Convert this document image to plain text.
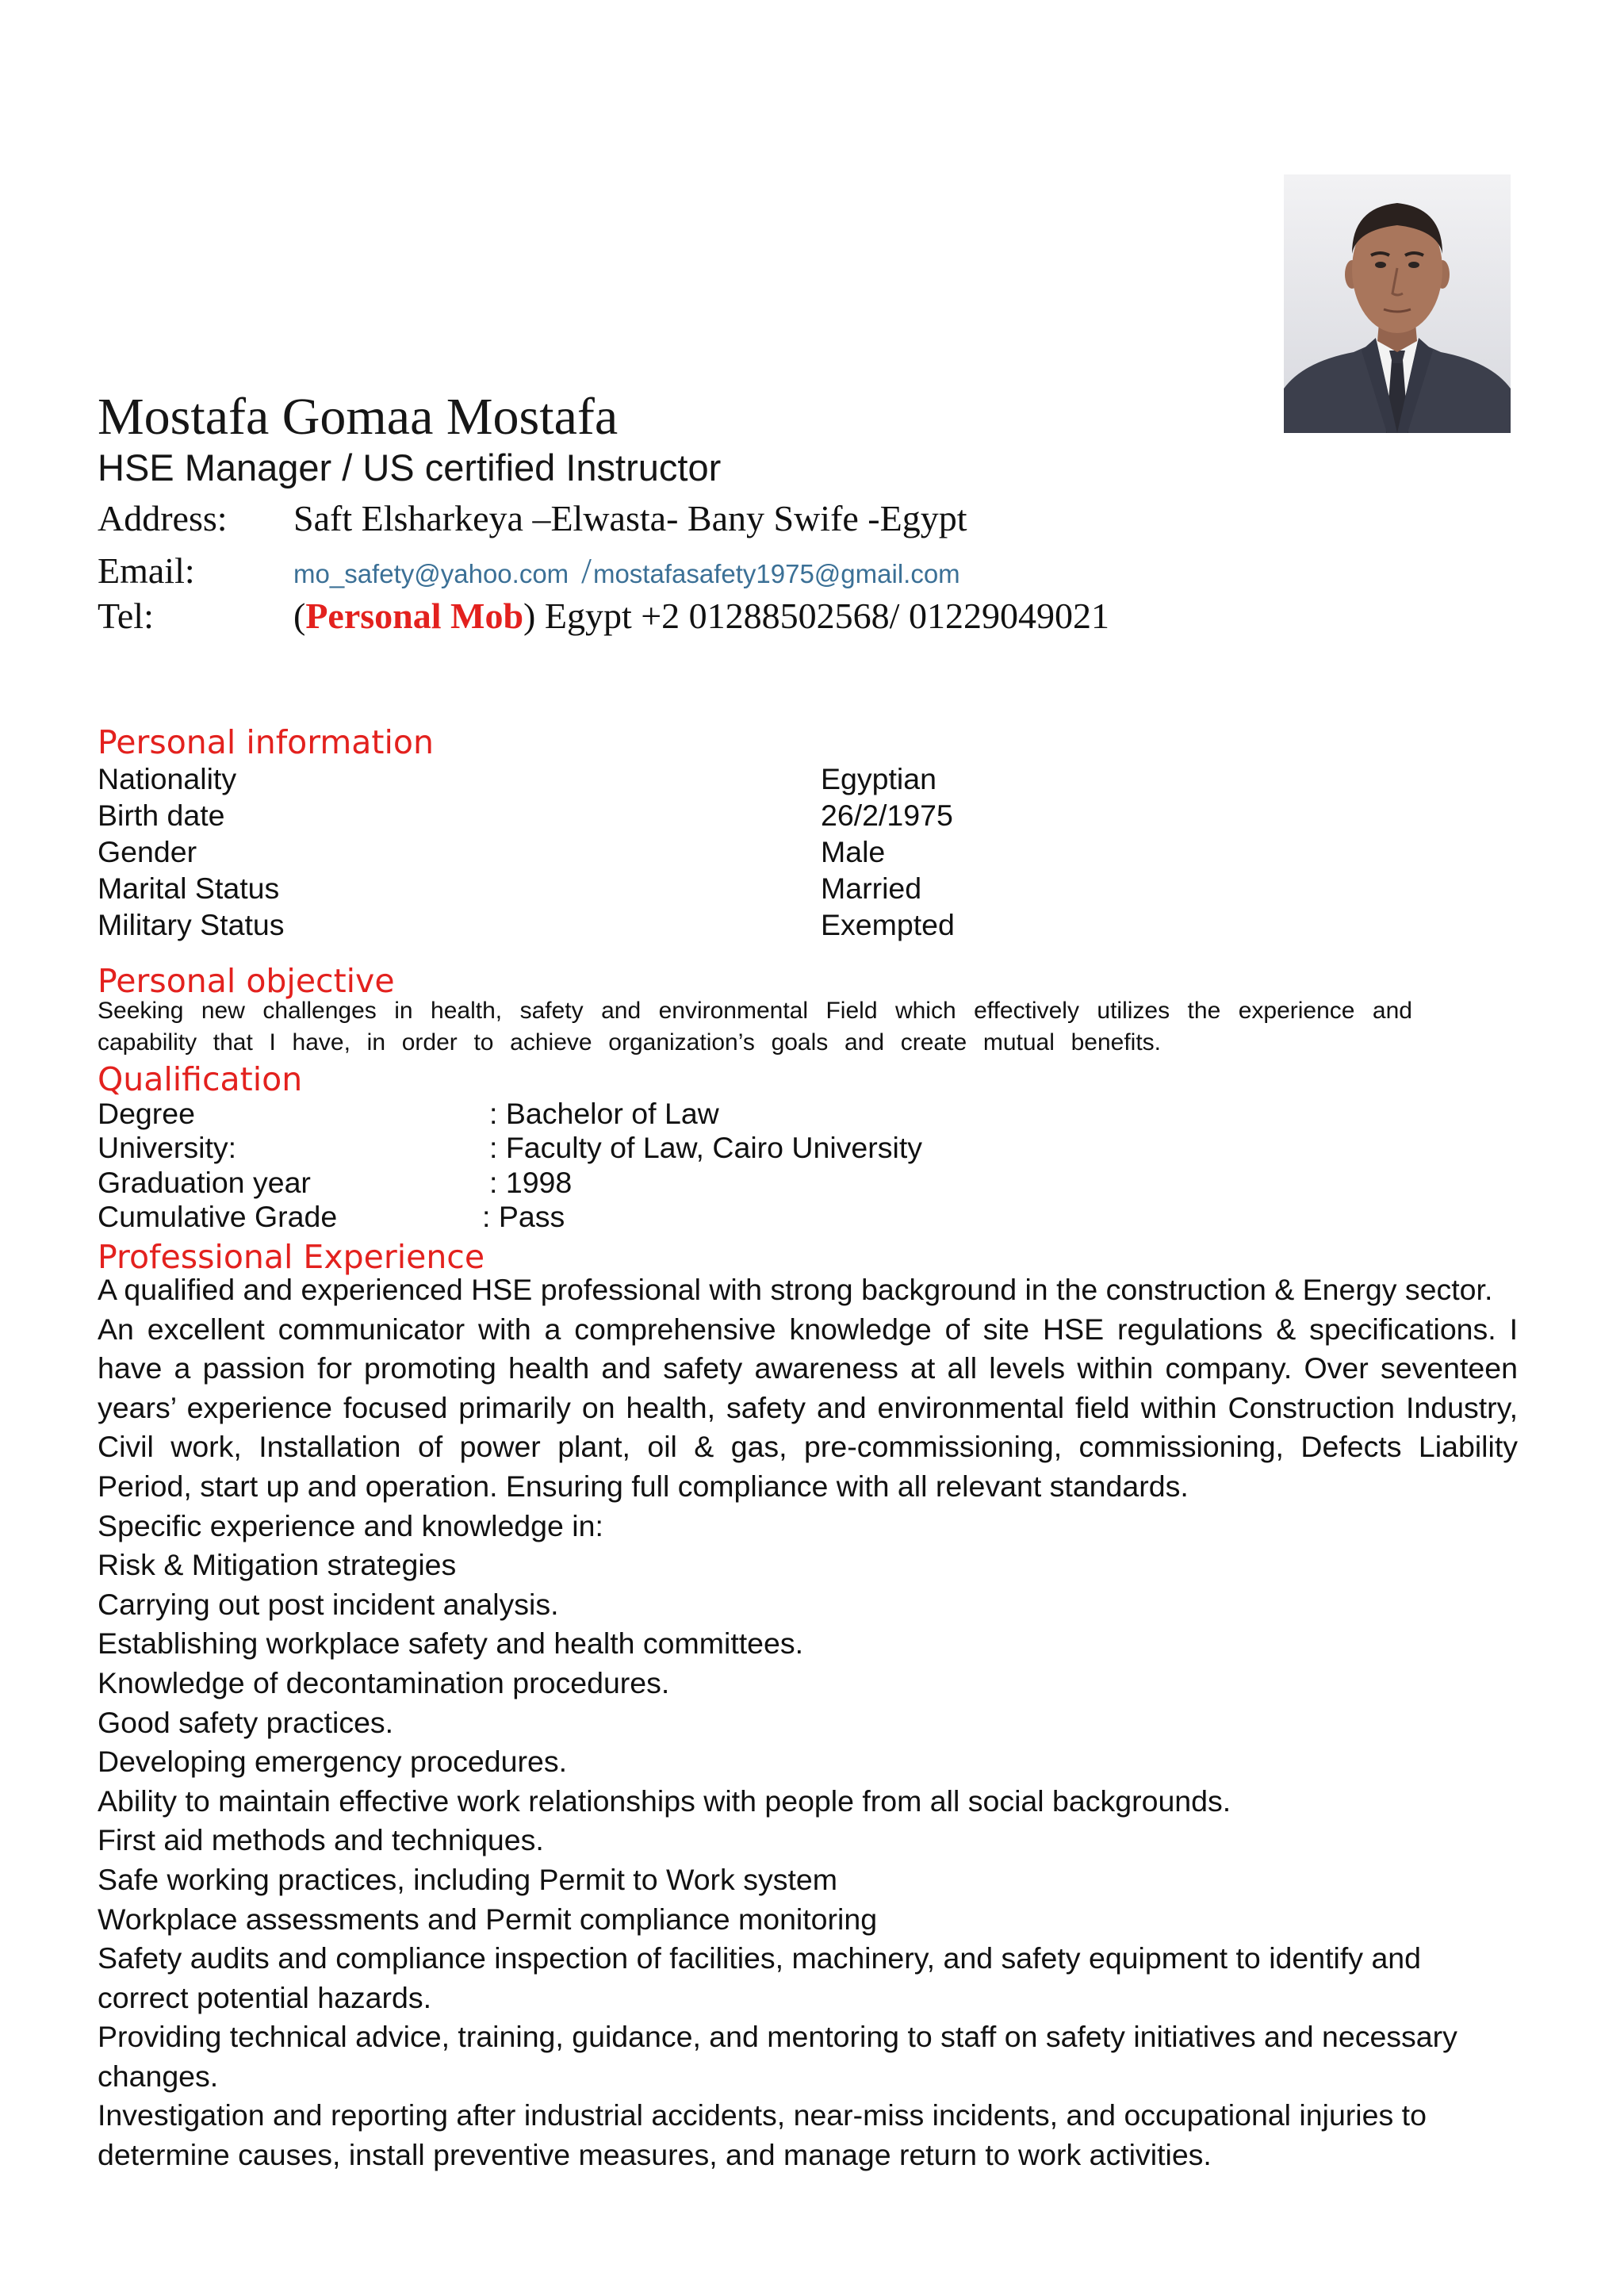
Mostafa Gomaa Mostafa
HSE Manager / US certified Instructor
Address: Saft Elsharkeya –Elwasta- Bany Swife -Egypt
Email:	mo_safety@yahoo.com /mostafasafety1975@gmail.com
Tel:	(Personal Mob) Egypt +2 01288502568/ 01229049021
Personal information
Nationality	Egyptian
Birth date	26/2/1975
Gender	Male
Marital Status	Married
Military Status	Exempted
Personal objective
Seeking new challenges in health, safety and environmental Field which effectively utilizes the experience and
capability that I have, in order to achieve organization’s goals and create mutual benefits.
Qualification
Degree	: Bachelor of Law
University:	: Faculty of Law, Cairo University
Graduation year	: 1998
Cumulative Grade	: Pass
Professional Experience
A qualified and experienced HSE professional with strong background in the construction & Energy sector.
An excellent communicator with a comprehensive knowledge of site HSE regulations & specifications. I
have a passion for promoting health and safety awareness at all levels within company. Over seventeen
years’ experience focused primarily on health, safety and environmental field within Construction Industry,
Civil work, Installation of power plant, oil & gas, pre-commissioning, commissioning, Defects Liability
Period, start up and operation. Ensuring full compliance with all relevant standards.
Specific experience and knowledge in:
Risk & Mitigation strategies
Carrying out post incident analysis.
Establishing workplace safety and health committees.
Knowledge of decontamination procedures.
Good safety practices.
Developing emergency procedures.
Ability to maintain effective work relationships with people from all social backgrounds.
First aid methods and techniques.
Safe working practices, including Permit to Work system
Workplace assessments and Permit compliance monitoring
Safety audits and compliance inspection of facilities, machinery, and safety equipment to identify and
correct potential hazards.
Providing technical advice, training, guidance, and mentoring to staff on safety initiatives and necessary
changes.
Investigation and reporting after industrial accidents, near-miss incidents, and occupational injuries to
determine causes, install preventive measures, and manage return to work activities.
